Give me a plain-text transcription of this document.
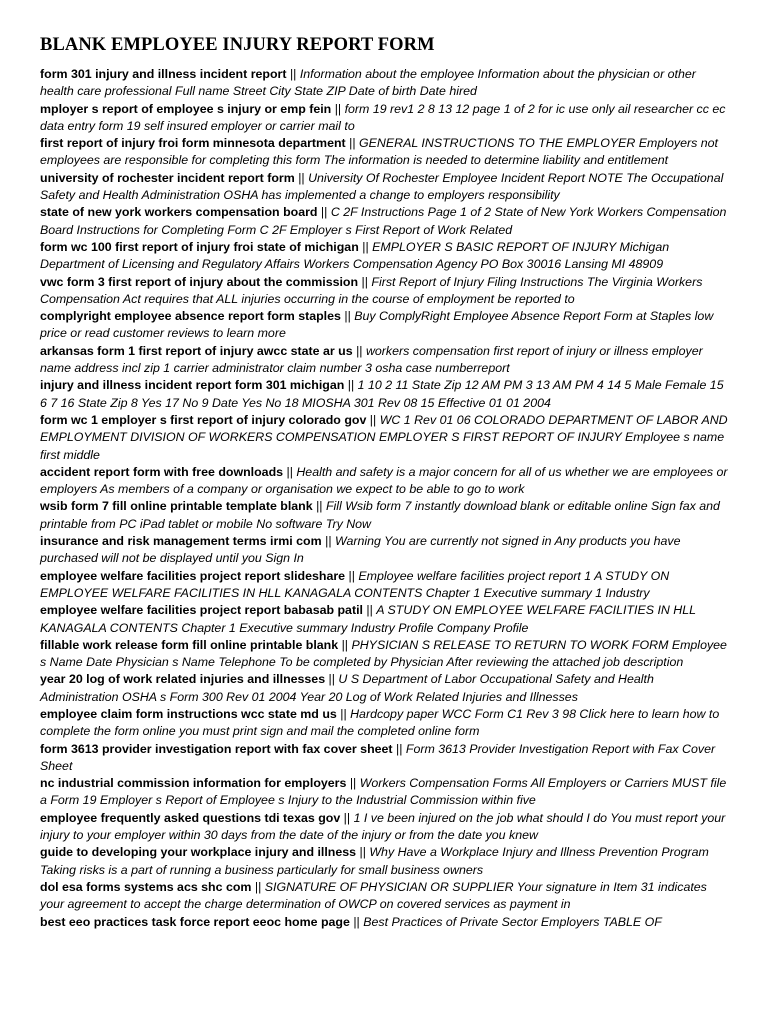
BLANK EMPLOYEE INJURY REPORT FORM

form 301 injury and illness incident report || Information about the employee Information about the physician or other health care professional Full name Street City State ZIP Date of birth Date hired

mployer s report of employee s injury or emp fein || form 19 rev1 2 8 13 12 page 1 of 2 for ic use only ail researcher cc ec data entry form 19 self insured employer or carrier mail to

first report of injury froi form minnesota department || GENERAL INSTRUCTIONS TO THE EMPLOYER Employers not employees are responsible for completing this form The information is needed to determine liability and entitlement

university of rochester incident report form || University Of Rochester Employee Incident Report NOTE The Occupational Safety and Health Administration OSHA has implemented a change to employers responsibility

state of new york workers compensation board || C 2F Instructions Page 1 of 2 State of New York Workers Compensation Board Instructions for Completing Form C 2F Employer s First Report of Work Related

form wc 100 first report of injury froi state of michigan || EMPLOYER S BASIC REPORT OF INJURY Michigan Department of Licensing and Regulatory Affairs Workers Compensation Agency PO Box 30016 Lansing MI 48909

vwc form 3 first report of injury about the commission || First Report of Injury Filing Instructions The Virginia Workers Compensation Act requires that ALL injuries occurring in the course of employment be reported to

complyright employee absence report form staples || Buy ComplyRight Employee Absence Report Form at Staples low price or read customer reviews to learn more

arkansas form 1 first report of injury awcc state ar us || workers compensation first report of injury or illness employer name address incl zip 1 carrier administrator claim number 3 osha case numberreport

injury and illness incident report form 301 michigan || 1 10 2 11 State Zip 12 AM PM 3 13 AM PM 4 14 5 Male Female 15 6 7 16 State Zip 8 Yes 17 No 9 Date Yes No 18 MIOSHA 301 Rev 08 15 Effective 01 01 2004

form wc 1 employer s first report of injury colorado gov || WC 1 Rev 01 06 COLORADO DEPARTMENT OF LABOR AND EMPLOYMENT DIVISION OF WORKERS COMPENSATION EMPLOYER S FIRST REPORT OF INJURY Employee s name first middle

accident report form with free downloads || Health and safety is a major concern for all of us whether we are employees or employers As members of a company or organisation we expect to be able to go to work

wsib form 7 fill online printable template blank || Fill Wsib form 7 instantly download blank or editable online Sign fax and printable from PC iPad tablet or mobile No software Try Now

insurance and risk management terms irmi com || Warning You are currently not signed in Any products you have purchased will not be displayed until you Sign In

employee welfare facilities project report slideshare || Employee welfare facilities project report 1 A STUDY ON EMPLOYEE WELFARE FACILITIES IN HLL KANAGALA CONTENTS Chapter 1 Executive summary 1 Industry

employee welfare facilities project report babasab patil || A STUDY ON EMPLOYEE WELFARE FACILITIES IN HLL KANAGALA CONTENTS Chapter 1 Executive summary Industry Profile Company Profile

fillable work release form fill online printable blank || PHYSICIAN S RELEASE TO RETURN TO WORK FORM Employee s Name Date Physician s Name Telephone To be completed by Physician After reviewing the attached job description

year 20 log of work related injuries and illnesses || U S Department of Labor Occupational Safety and Health Administration OSHA s Form 300 Rev 01 2004 Year 20 Log of Work Related Injuries and Illnesses

employee claim form instructions wcc state md us || Hardcopy paper WCC Form C1 Rev 3 98 Click here to learn how to complete the form online you must print sign and mail the completed online form

form 3613 provider investigation report with fax cover sheet || Form 3613 Provider Investigation Report with Fax Cover Sheet

nc industrial commission information for employers || Workers Compensation Forms All Employers or Carriers MUST file a Form 19 Employer s Report of Employee s Injury to the Industrial Commission within five

employee frequently asked questions tdi texas gov || 1 I ve been injured on the job what should I do You must report your injury to your employer within 30 days from the date of the injury or from the date you knew

guide to developing your workplace injury and illness || Why Have a Workplace Injury and Illness Prevention Program Taking risks is a part of running a business particularly for small business owners

dol esa forms systems acs shc com || SIGNATURE OF PHYSICIAN OR SUPPLIER Your signature in Item 31 indicates your agreement to accept the charge determination of OWCP on covered services as payment in

best eeo practices task force report eeoc home page || Best Practices of Private Sector Employers TABLE OF
